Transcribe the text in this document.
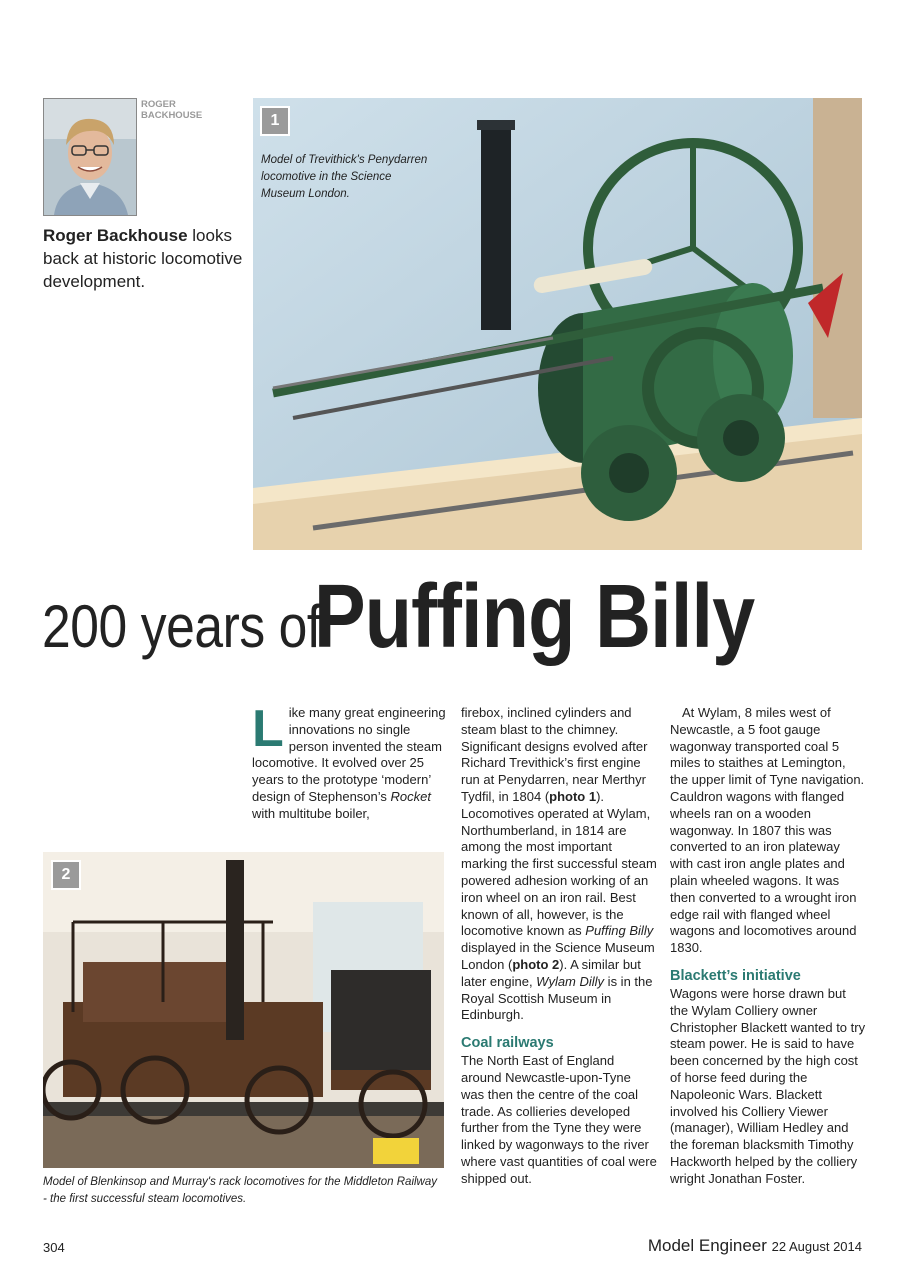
ROGER
BACKHOUSE
Roger Backhouse looks back at historic locomotive development.
1
Model of Trevithick's Penydarren locomotive in the Science Museum London.
200 years ofPuffing Billy

Like many great engineering innovations no single person invented the steam locomotive. It evolved over 25 years to the prototype ‘modern’ design of Stephenson’s Rocket with multitube boiler,

2
Model of Blenkinsop and Murray's rack locomotives for the Middleton Railway - the first successful steam locomotives.

firebox, inclined cylinders and steam blast to the chimney. Significant designs evolved after Richard Trevithick’s first engine run at Penydarren, near Merthyr Tydfil, in 1804 (photo 1). Locomotives operated at Wylam, Northumberland, in 1814 are among the most important marking the first successful steam powered adhesion working of an iron wheel on an iron rail. Best known of all, however, is the locomotive known as Puffing Billy displayed in the Science Museum London (photo 2). A similar but later engine, Wylam Dilly is in the Royal Scottish Museum in Edinburgh.

Coal railways

The North East of England around Newcastle-upon-Tyne was then the centre of the coal trade. As collieries developed further from the Tyne they were linked by wagonways to the river where vast quantities of coal were shipped out.

At Wylam, 8 miles west of Newcastle, a 5 foot gauge wagonway transported coal 5 miles to staithes at Lemington, the upper limit of Tyne navigation. Cauldron wagons with flanged wheels ran on a wooden wagonway. In 1807 this was converted to an iron plateway with cast iron angle plates and plain wheeled wagons. It was then converted to a wrought iron edge rail with flanged wheel wagons and locomotives around 1830.

Blackett’s initiative

Wagons were horse drawn but the Wylam Colliery owner Christopher Blackett wanted to try steam power. He is said to have been concerned by the high cost of horse feed during the Napoleonic Wars. Blackett involved his Colliery Viewer (manager), William Hedley and the foreman blacksmith Timothy Hackworth helped by the colliery wright Jonathan Foster.

304	Model Engineer 22 August 2014
